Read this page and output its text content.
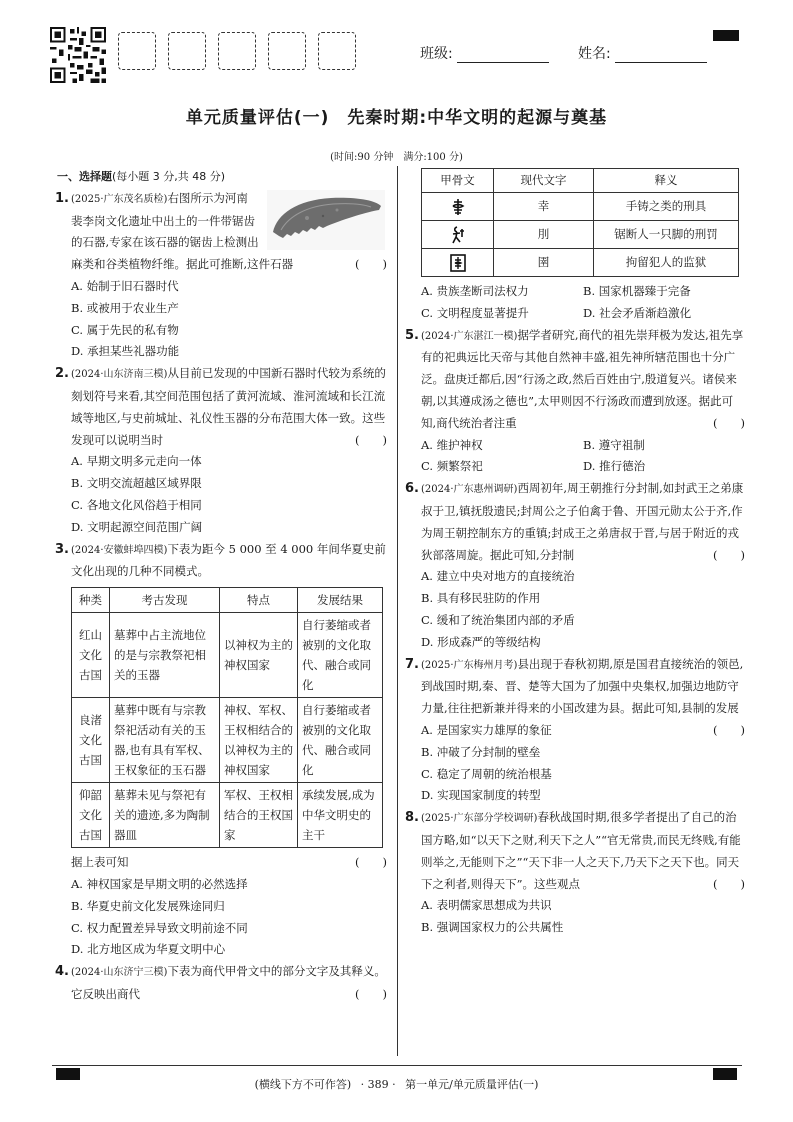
班级:	姓名:
单元质量评估(一)　先秦时期:中华文明的起源与奠基
(时间:90 分钟　满分:100 分)
一、选择题(每小题 3 分,共 48 分)
1. (2025·广东茂名质检)右图所示为河南裴李岗文化遗址中出土的一件带锯齿的石器,专家在该石器的锯齿上检测出麻类和谷类植物纤维。据此可推断,这件石器	(　　)
A. 始制于旧石器时代
B. 或被用于农业生产
C. 属于先民的私有物
D. 承担某些礼器功能
2. (2024·山东济南三模)从目前已发现的中国新石器时代较为系统的刻划符号来看,其空间范围包括了黄河流域、淮河流域和长江流域等地区,与史前城址、礼仪性玉器的分布范围大体一致。这些发现可以说明当时	(　　)
A. 早期文明多元走向一体
B. 文明交流超越区域界限
C. 各地文化风俗趋于相同
D. 文明起源空间范围广阔
3. (2024·安徽蚌埠四模)下表为距今 5 000 至 4 000 年间华夏史前文化出现的几种不同模式。
种类	考古发现	特点	发展结果
红山文化古国	墓葬中占主流地位的是与宗教祭祀相关的玉器	以神权为主的神权国家	自行萎缩或者被别的文化取代、融合或同化
良渚文化古国	墓葬中既有与宗教祭祀活动有关的玉器,也有具有军权、王权象征的玉石器	神权、军权、王权相结合的以神权为主的神权国家	自行萎缩或者被别的文化取代、融合或同化
仰韶文化古国	墓葬未见与祭祀有关的遗迹,多为陶制器皿	军权、王权相结合的王权国家	承续发展,成为中华文明史的主干
据上表可知	(　　)
A. 神权国家是早期文明的必然选择
B. 华夏史前文化发展殊途同归
C. 权力配置差异导致文明前途不同
D. 北方地区成为华夏文明中心
4. (2024·山东济宁三模)下表为商代甲骨文中的部分文字及其释义。它反映出商代	(　　)
甲骨文	现代文字	释义
	幸	手铸之类的刑具
	刖	锯断人一只脚的刑罚
	圉	拘留犯人的监狱
A. 贵族垄断司法权力	B. 国家机器臻于完备
C. 文明程度显著提升	D. 社会矛盾渐趋激化
5. (2024·广东湛江一模)据学者研究,商代的祖先崇拜极为发达,祖先享有的祀典远比天帝与其他自然神丰盛,祖先神所辖范围也十分广泛。盘庚迁都后,因“行汤之政,然后百姓由宁,殷道复兴。诸侯来朝,以其遵成汤之德也”,太甲则因不行汤政而遭到放逐。据此可知,商代统治者注重	(　　)
A. 维护神权	B. 遵守祖制
C. 频繁祭祀	D. 推行德治
6. (2024·广东惠州调研)西周初年,周王朝推行分封制,如封武王之弟康叔于卫,镇抚殷遗民;封周公之子伯禽于鲁、开国元勋太公于齐,作为周王朝控制东方的重镇;封成王之弟唐叔于晋,与居于附近的戎狄部落周旋。据此可知,分封制	(　　)
A. 建立中央对地方的直接统治
B. 具有移民驻防的作用
C. 缓和了统治集团内部的矛盾
D. 形成森严的等级结构
7. (2025·广东梅州月考)县出现于春秋初期,原是国君直接统治的领邑,到战国时期,秦、晋、楚等大国为了加强中央集权,加强边地防守力量,往往把新兼并得来的小国改建为县。据此可知,县制的发展
(　　)
A. 是国家实力雄厚的象征
B. 冲破了分封制的壁垒
C. 稳定了周朝的统治根基
D. 实现国家制度的转型
8. (2025·广东部分学校调研)春秋战国时期,很多学者提出了自己的治国方略,如“以天下之财,利天下之人”“官无常贵,而民无终贱,有能则举之,无能则下之”“天下非一人之天下,乃天下之天下也。同天下之利者,则得天下”。这些观点	(　　)
A. 表明儒家思想成为共识
B. 强调国家权力的公共属性
(横线下方不可作答) · 389 · 第一单元/单元质量评估(一)
